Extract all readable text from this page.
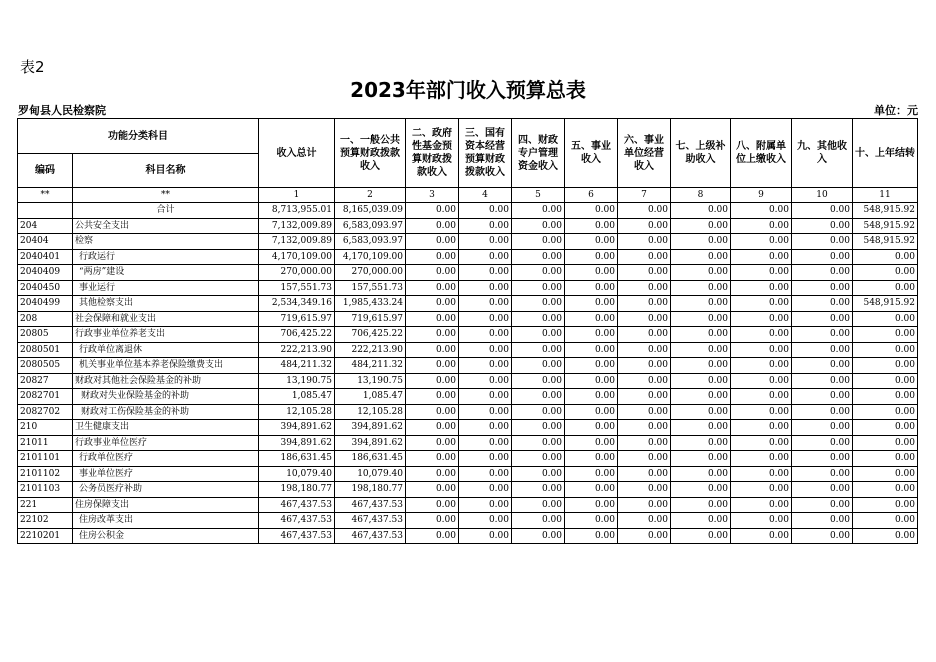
表2
2023年部门收入预算总表
罗甸县人民检察院	单位：元
功能分类科目		收入总计	一、一般公共预算财政拨款收入	二、政府性基金预算财政拨款收入	三、国有资本经营预算财政拨款收入	四、财政专户管理资金收入	五、事业收入	六、事业单位经营收入	七、上级补助收入	八、附属单位上缴收入	九、其他收入	十、上年结转
编码	科目名称											
**	**	1	2	3	4	5	6	7	8	9	10	11
	合计	8,713,955.01	8,165,039.09	0.00	0.00	0.00	0.00	0.00	0.00	0.00	0.00	548,915.92
204	公共安全支出	7,132,009.89	6,583,093.97	0.00	0.00	0.00	0.00	0.00	0.00	0.00	0.00	548,915.92
20404	检察	7,132,009.89	6,583,093.97	0.00	0.00	0.00	0.00	0.00	0.00	0.00	0.00	548,915.92
2040401	行政运行	4,170,109.00	4,170,109.00	0.00	0.00	0.00	0.00	0.00	0.00	0.00	0.00	0.00
2040409	“两房”建设	270,000.00	270,000.00	0.00	0.00	0.00	0.00	0.00	0.00	0.00	0.00	0.00
2040450	事业运行	157,551.73	157,551.73	0.00	0.00	0.00	0.00	0.00	0.00	0.00	0.00	0.00
2040499	其他检察支出	2,534,349.16	1,985,433.24	0.00	0.00	0.00	0.00	0.00	0.00	0.00	0.00	548,915.92
208	社会保障和就业支出	719,615.97	719,615.97	0.00	0.00	0.00	0.00	0.00	0.00	0.00	0.00	0.00
20805	行政事业单位养老支出	706,425.22	706,425.22	0.00	0.00	0.00	0.00	0.00	0.00	0.00	0.00	0.00
2080501	行政单位离退休	222,213.90	222,213.90	0.00	0.00	0.00	0.00	0.00	0.00	0.00	0.00	0.00
2080505	机关事业单位基本养老保险缴费支出	484,211.32	484,211.32	0.00	0.00	0.00	0.00	0.00	0.00	0.00	0.00	0.00
20827	财政对其他社会保险基金的补助	13,190.75	13,190.75	0.00	0.00	0.00	0.00	0.00	0.00	0.00	0.00	0.00
2082701	财政对失业保险基金的补助	1,085.47	1,085.47	0.00	0.00	0.00	0.00	0.00	0.00	0.00	0.00	0.00
2082702	财政对工伤保险基金的补助	12,105.28	12,105.28	0.00	0.00	0.00	0.00	0.00	0.00	0.00	0.00	0.00
210	卫生健康支出	394,891.62	394,891.62	0.00	0.00	0.00	0.00	0.00	0.00	0.00	0.00	0.00
21011	行政事业单位医疗	394,891.62	394,891.62	0.00	0.00	0.00	0.00	0.00	0.00	0.00	0.00	0.00
2101101	行政单位医疗	186,631.45	186,631.45	0.00	0.00	0.00	0.00	0.00	0.00	0.00	0.00	0.00
2101102	事业单位医疗	10,079.40	10,079.40	0.00	0.00	0.00	0.00	0.00	0.00	0.00	0.00	0.00
2101103	公务员医疗补助	198,180.77	198,180.77	0.00	0.00	0.00	0.00	0.00	0.00	0.00	0.00	0.00
221	住房保障支出	467,437.53	467,437.53	0.00	0.00	0.00	0.00	0.00	0.00	0.00	0.00	0.00
22102	住房改革支出	467,437.53	467,437.53	0.00	0.00	0.00	0.00	0.00	0.00	0.00	0.00	0.00
2210201	住房公积金	467,437.53	467,437.53	0.00	0.00	0.00	0.00	0.00	0.00	0.00	0.00	0.00
